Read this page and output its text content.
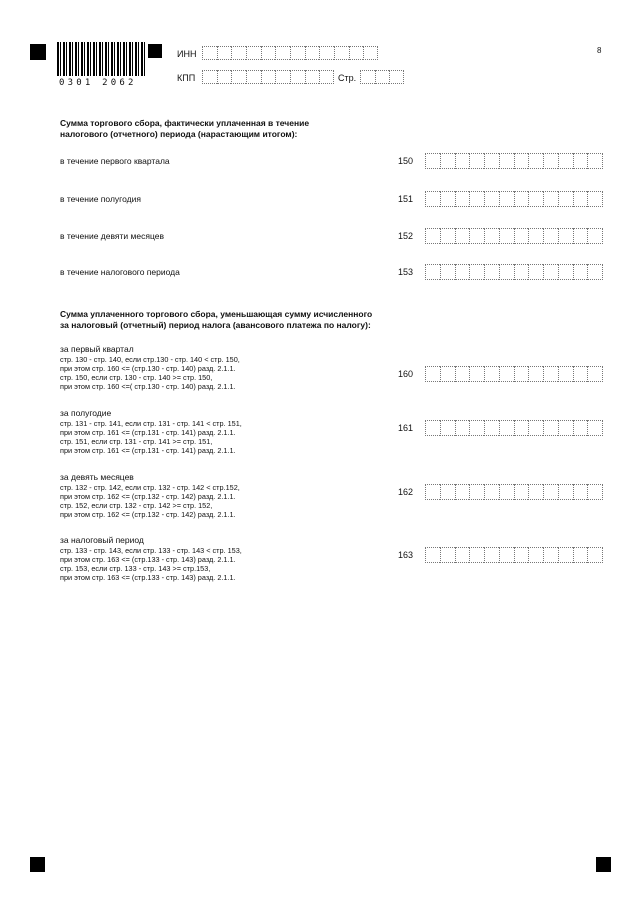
0301 2062
ИНН
КПП	Стр.
8
Сумма торгового сбора, фактически уплаченная в течение
налогового (отчетного) периода (нарастающим итогом):
в течение первого квартала	150
в течение полугодия	151
в течение девяти месяцев	152
в течение налогового периода	153
Сумма уплаченного торгового сбора, уменьшающая сумму исчисленного
за налоговый (отчетный) период налога (авансового платежа по налогу):
за первый квартал
стр. 130 - стр. 140, если стр.130 - стр. 140 < стр. 150,
при этом стр. 160 <= (стр.130 - стр. 140) разд. 2.1.1.
стр. 150, если стр. 130 - стр. 140 >= стр. 150,
при этом стр. 160 <=( стр.130 - стр. 140) разд. 2.1.1.
160
за полугодие
стр. 131 - стр. 141, если стр. 131 - стр. 141 < стр. 151,
при этом стр. 161 <= (стр.131 - стр. 141) разд. 2.1.1.
стр. 151, если стр. 131 - стр. 141 >= стр. 151,
при этом стр. 161 <= (стр.131 - стр. 141) разд. 2.1.1.
161
за девять месяцев
стр. 132 - стр. 142, если стр. 132 - стр. 142 < стр.152,
при этом стр. 162 <= (стр.132 - стр. 142) разд. 2.1.1.
стр. 152, если стр. 132 - стр. 142 >= стр. 152,
при этом стр. 162 <= (стр.132 - стр. 142) разд. 2.1.1.
162
за налоговый период
стр. 133 - стр. 143, если стр. 133 - стр. 143 < стр. 153,
при этом стр. 163 <= (стр.133 - стр. 143) разд. 2.1.1.
стр. 153, если стр. 133 - стр. 143 >= стр.153,
при этом стр. 163 <= (стр.133 - стр. 143) разд. 2.1.1.
163
